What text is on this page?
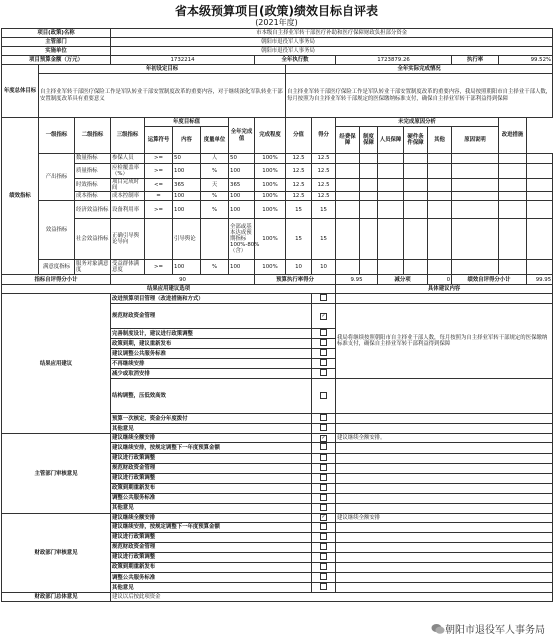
省本级预算项目(政策)绩效目标自评表
(2021年度)
项目(政策)名称			市本级自主择业军转干部医疗补助和医疗保障财政负担部分资金															
主管部门			朝阳市退役军人事务局															
实施单位			朝阳市退役军人事务局															
项目预算金额（万元）			1732214					全年执行数			1723879.26					执行率	99.52%	
年度总体目标	年初设定目标								全年实际完成情况									
	自主择业军转干部医疗保险工作是军队转业干部安置制度改革的重要内容，对于继续深化军队转业干部安置制度改革具有重要意义								自主择业军转干部医疗保险工作是军队转业干部安置制度改革的重要内容，我局按照朝阳市自主择业干部人数，每月按照为自主择业军转干部规定的医保缴纳标准支付，确保自主择业军转干部利益得到保障									
绩效指标	一级指标	二级指标	三级指标	年度目标值			全年完成值	完成程度	分值	得分	未完成原因分析						改进措施	
				运算符号	内容	度量单位					经费保障	制度保障	人员保障	硬件条件保障	其他	原因说明		
	产出指标	数量指标	参保人员	>=	50	人	50	100%	12.5	12.5								
		质量指标	应检覆盖率（%）	>=	100	%	100	100%	12.5	12.5								
		时效指标	项目完成时间	<=	365	天	365	100%	12.5	12.5								
		成本指标	成本控制率	=	100	%	100	100%	12.5	12.5								
	效益指标	经济效益指标	设备利用率	>=	100	%	100	100%	15	15								
		社会效益指标	正确引导舆论导向		引导舆论		全部或基本达成预期指标100%-80%（含）	100%	15	15								
	满意度指标	服务对象满意度	受益群体满意度	>=	100	%	100	100%	10	10								
指标自评得分小计			90					预算执行率得分			9.95		减分项		0	绩效自评得分小计		99.95
结果应用建议选项											具体建议内容							
结果应用建议			改进预算项目管理（改进措施和方式）															
			规范财政资金管理							✓	我局将继续按照朝阳市自主择业干部人数，每月按照为自主择业军转干部规定的医保缴纳标准支付，确保自主择业军转干部利益得到保障							
			完善制度设计，建议进行政策调整															
			政策到期，建议重新发布															
			建议调整公共服务标准															
			不再继续安排															
			减少或取消安排															
			结构调整，压低效高效															
			预算一次核定、资金分年度拨付															
			其他意见															
主管部门审核意见			建议继续全额安排							✓	建议继续全额安排。							
			建议继续安排，按规定调整下一年度预算金额															
			建议进行政策调整															
			规范财政资金管理															
			建议进行政策调整															
			政策到期重新发布															
			调整公共服务标准															
			其他意见															
财政部门审核意见			建议继续全额安排							✓	建议继续全额安排							
			建议继续安排，按规定调整下一年度预算金额															
			建议进行政策调整															
			规范财政资金管理															
			建议进行政策调整															
			政策到期重新发布															
			调整公共服务标准															
			其他意见															
财政部门总体意见			建议以后按此项资金															
朝阳市退役军人事务局
